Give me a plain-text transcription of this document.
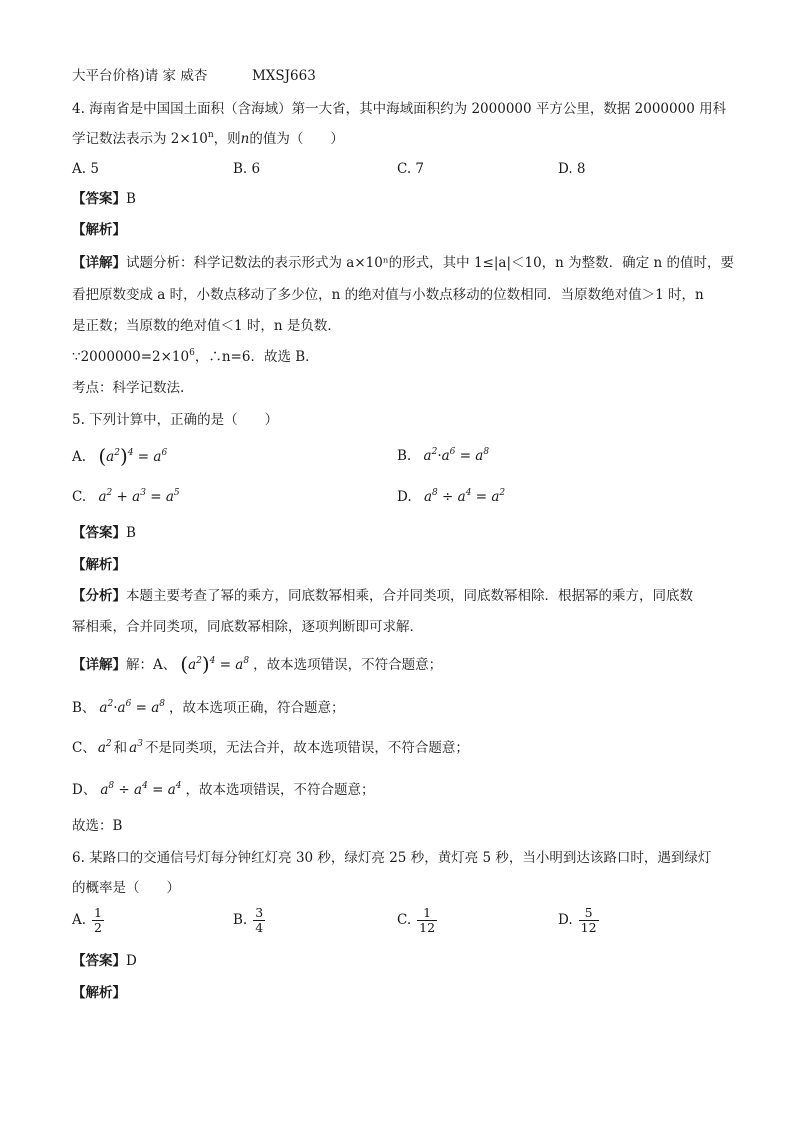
大平台价格)请 家 威杏	MXSJ663
4. 海南省是中国国土面积（含海域）第一大省，其中海域面积约为 2000000 平方公里，数据 2000000 用科
学记数法表示为 $2\times 10^n$，则n的值为（　　）
A. 5	B. 6	C. 7	D. 8
【答案】B
【解析】
【详解】试题分析：科学记数法的表示形式为 a×10ⁿ的形式，其中 1≤|a|＜10，n 为整数．确定 n 的值时，要
看把原数变成 a 时，小数点移动了多少位，n 的绝对值与小数点移动的位数相同．当原数绝对值＞1 时，n
是正数；当原数的绝对值＜1 时，n 是负数．
$\because 2000000=2\times 10^6$，∴n=6．故选 B．
考点：科学记数法.
5. 下列计算中，正确的是（　　）
A. $(a^2)^4 = a^6$	B. $a^2\cdot a^6 = a^8$
C. $a^2 + a^3 = a^5$	D. $a^8 \div a^4 = a^2$
【答案】B
【解析】
【分析】本题主要考查了幂的乘方，同底数幂相乘，合并同类项，同底数幂相除．根据幂的乘方，同底数
幂相乘，合并同类项，同底数幂相除，逐项判断即可求解．
【详解】解：A、 $(a^2)^4 = a^8$ ，故本选项错误，不符合题意；
B、 $a^2\cdot a^6 = a^8$ ，故本选项正确，符合题意；
C、 $a^2$ 和 $a^3$ 不是同类项，无法合并，故本选项错误，不符合题意；
D、 $a^8 \div a^4 = a^4$ ，故本选项错误，不符合题意；
故选：B
6. 某路口的交通信号灯每分钟红灯亮 30 秒，绿灯亮 25 秒，黄灯亮 5 秒，当小明到达该路口时，遇到绿灯
的概率是（　　）
A. $\frac{1}{2}$	B. $\frac{3}{4}$	C. $\frac{1}{12}$	D. $\frac{5}{12}$
【答案】D
【解析】
